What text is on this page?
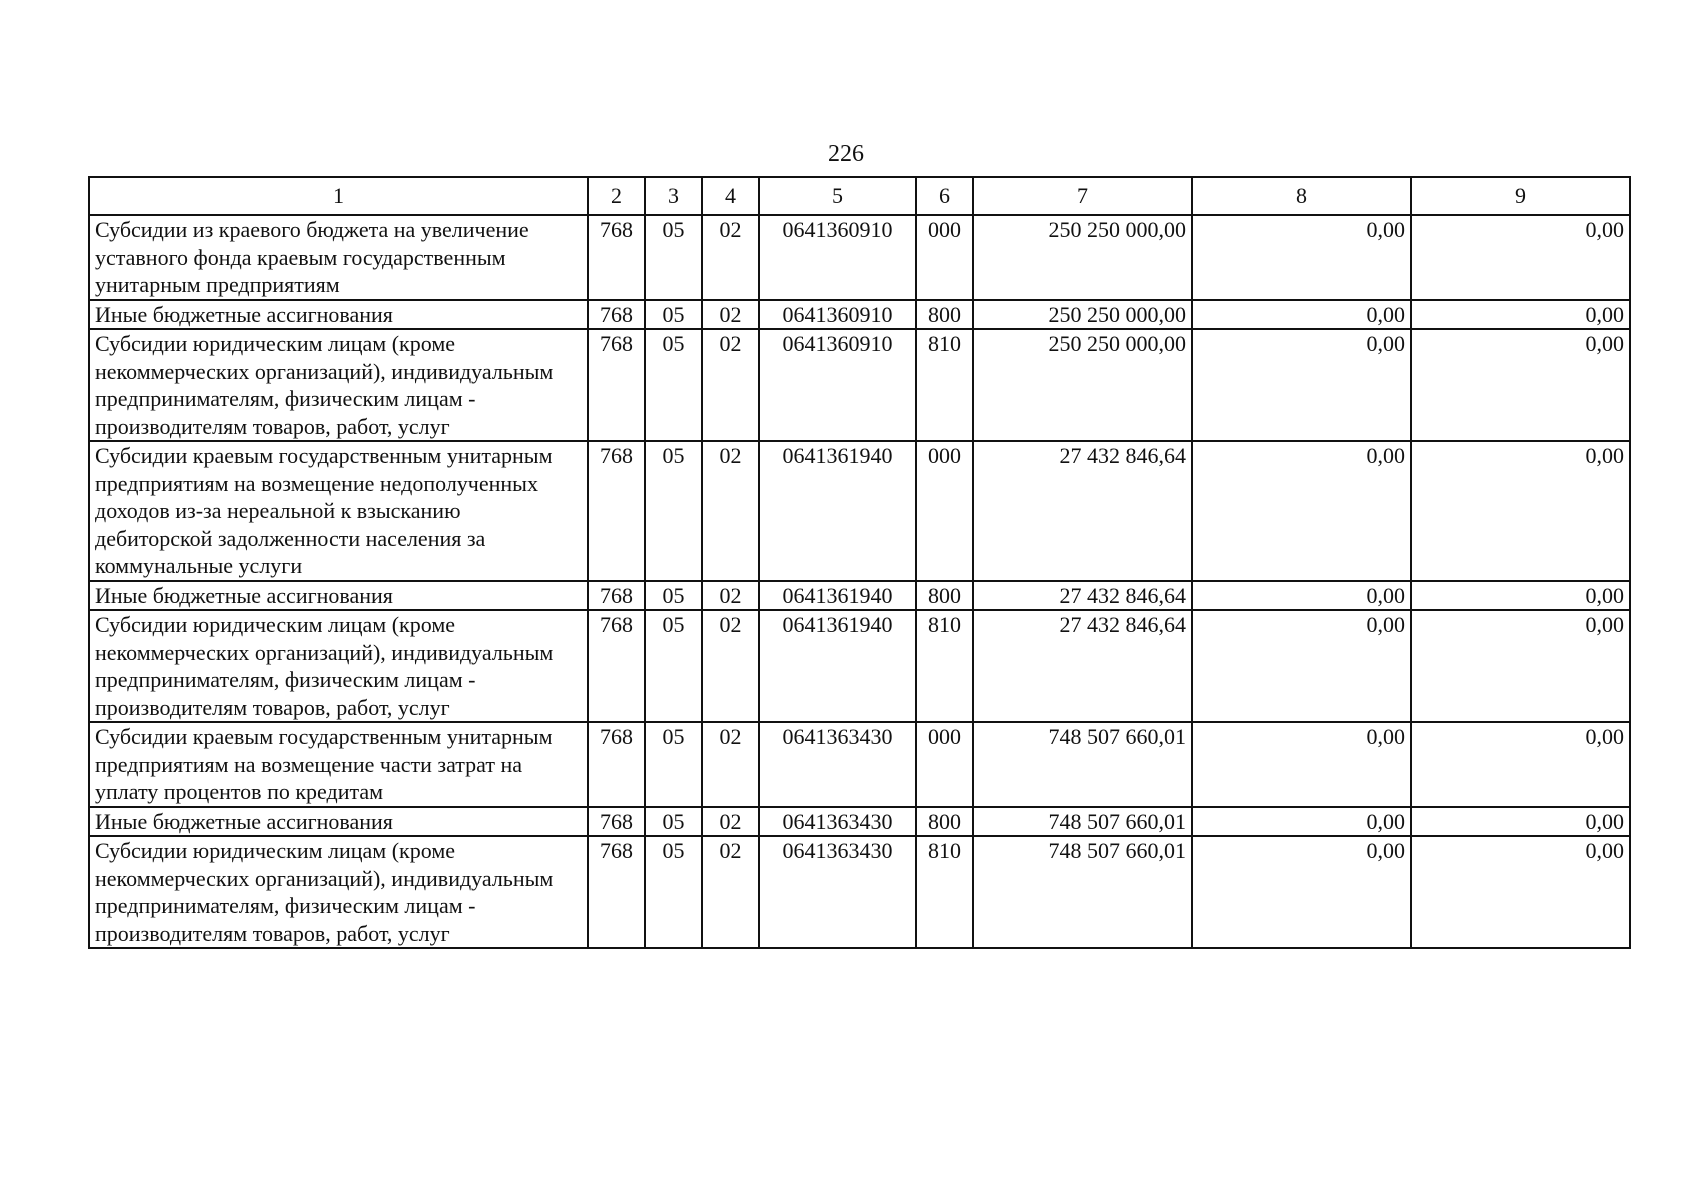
226
1	2	3	4	5	6	7	8	9
Субсидии из краевого бюджета на увеличение уставного фонда краевым государственным унитарным предприятиям	768	05	02	0641360910	000	250 250 000,00	0,00	0,00
Иные бюджетные ассигнования	768	05	02	0641360910	800	250 250 000,00	0,00	0,00
Субсидии юридическим лицам (кроме некоммерческих организаций), индивидуальным предпринимателям, физическим лицам - производителям товаров, работ, услуг	768	05	02	0641360910	810	250 250 000,00	0,00	0,00
Субсидии краевым государственным унитарным предприятиям на возмещение недополученных доходов из-за нереальной к взысканию дебиторской задолженности населения за коммунальные услуги	768	05	02	0641361940	000	27 432 846,64	0,00	0,00
Иные бюджетные ассигнования	768	05	02	0641361940	800	27 432 846,64	0,00	0,00
Субсидии юридическим лицам (кроме некоммерческих организаций), индивидуальным предпринимателям, физическим лицам - производителям товаров, работ, услуг	768	05	02	0641361940	810	27 432 846,64	0,00	0,00
Субсидии краевым государственным унитарным предприятиям на возмещение части затрат на уплату процентов по кредитам	768	05	02	0641363430	000	748 507 660,01	0,00	0,00
Иные бюджетные ассигнования	768	05	02	0641363430	800	748 507 660,01	0,00	0,00
Субсидии юридическим лицам (кроме некоммерческих организаций), индивидуальным предпринимателям, физическим лицам - производителям товаров, работ, услуг	768	05	02	0641363430	810	748 507 660,01	0,00	0,00
